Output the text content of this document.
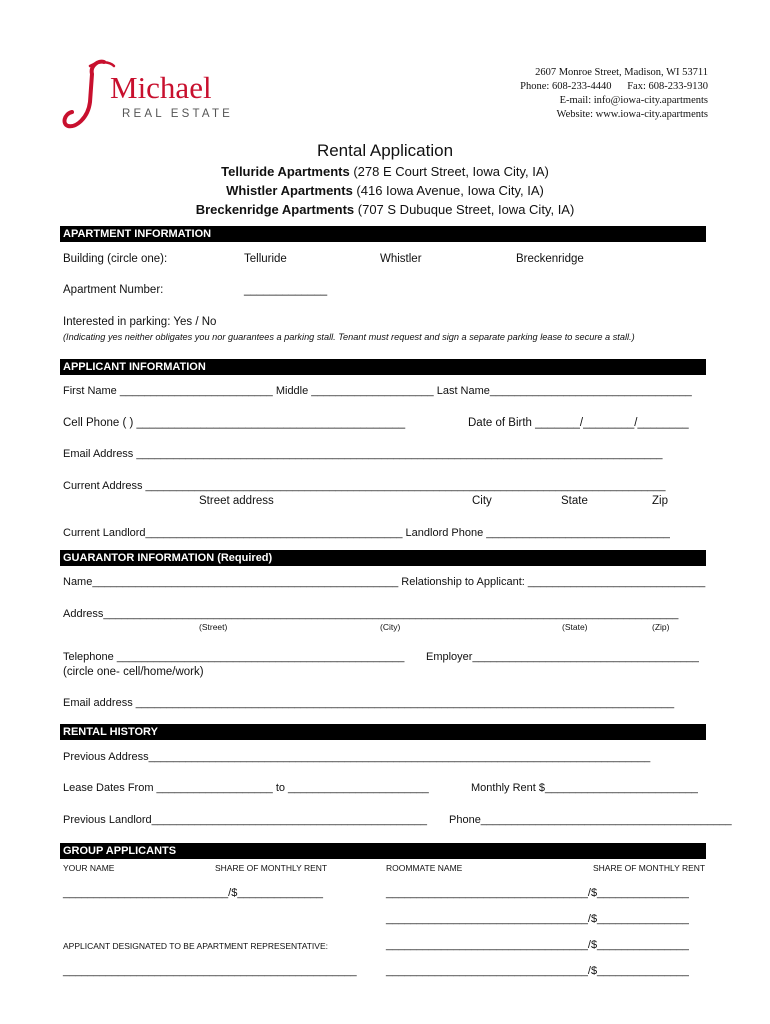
Michael
REAL ESTATE
2607 Monroe Street, Madison, WI 53711
Phone: 608-233-4440 Fax: 608-233-9130
E-mail: info@iowa-city.apartments
Website: www.iowa-city.apartments
Rental Application
Telluride Apartments (278 E Court Street, Iowa City, IA)
Whistler Apartments (416 Iowa Avenue, Iowa City, IA)
Breckenridge Apartments (707 S Dubuque Street, Iowa City, IA)
APARTMENT INFORMATION
Building (circle one):	Telluride	Whistler	Breckenridge
Apartment Number:	_____________
Interested in parking: Yes / No
(Indicating yes neither obligates you nor guarantees a parking stall. Tenant must request and sign a separate parking lease to secure a stall.)
APPLICANT INFORMATION
First Name _________________________ Middle ____________________ Last Name_________________________________
Cell Phone ( ) __________________________________________	Date of Birth _______/________/________
Email Address ______________________________________________________________________________________
Current Address _____________________________________________________________________________________
Street address	City	State	Zip
Current Landlord__________________________________________ Landlord Phone ______________________________
GUARANTOR INFORMATION (Required)
Name__________________________________________________ Relationship to Applicant: _____________________________
Address______________________________________________________________________________________________
(Street)	(City)	(State)	(Zip)
Telephone _______________________________________________ Employer_____________________________________
(circle one- cell/home/work)
Email address ________________________________________________________________________________________
RENTAL HISTORY
Previous Address__________________________________________________________________________________
Lease Dates From ___________________ to _______________________	Monthly Rent $_________________________
Previous Landlord_____________________________________________ Phone_________________________________________
GROUP APPLICANTS
YOUR NAME	SHARE OF MONTHLY RENT	ROOMMATE NAME	SHARE OF MONTHLY RENT
___________________________/$______________	_________________________________/$_______________
_________________________________/$_______________
APPLICANT DESIGNATED TO BE APARTMENT REPRESENTATIVE:	_________________________________/$_______________
________________________________________________	_________________________________/$_______________
